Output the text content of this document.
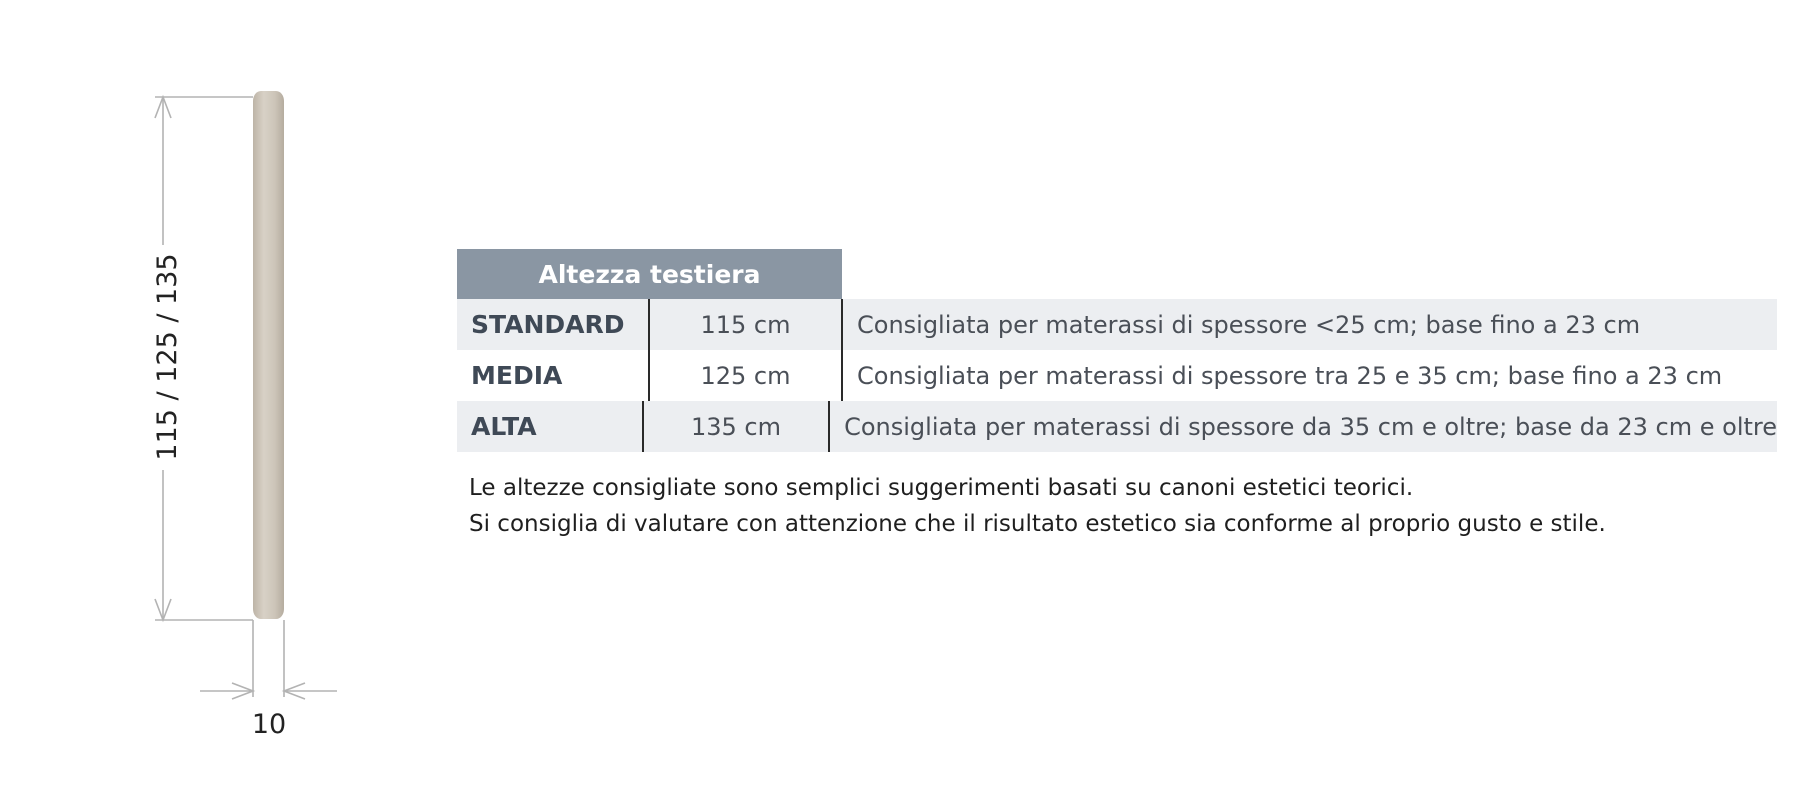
115 / 125 / 135
10
Altezza testiera
STANDARD	115 cm	Consigliata per materassi di spessore <25 cm; base fino a 23 cm
MEDIA	125 cm	Consigliata per materassi di spessore tra 25 e 35 cm; base fino a 23 cm
ALTA	135 cm	Consigliata per materassi di spessore da 35 cm e oltre; base da 23 cm e oltre
Le altezze consigliate sono semplici suggerimenti basati su canoni estetici teorici.
Si consiglia di valutare con attenzione che il risultato estetico sia conforme al proprio gusto e stile.
